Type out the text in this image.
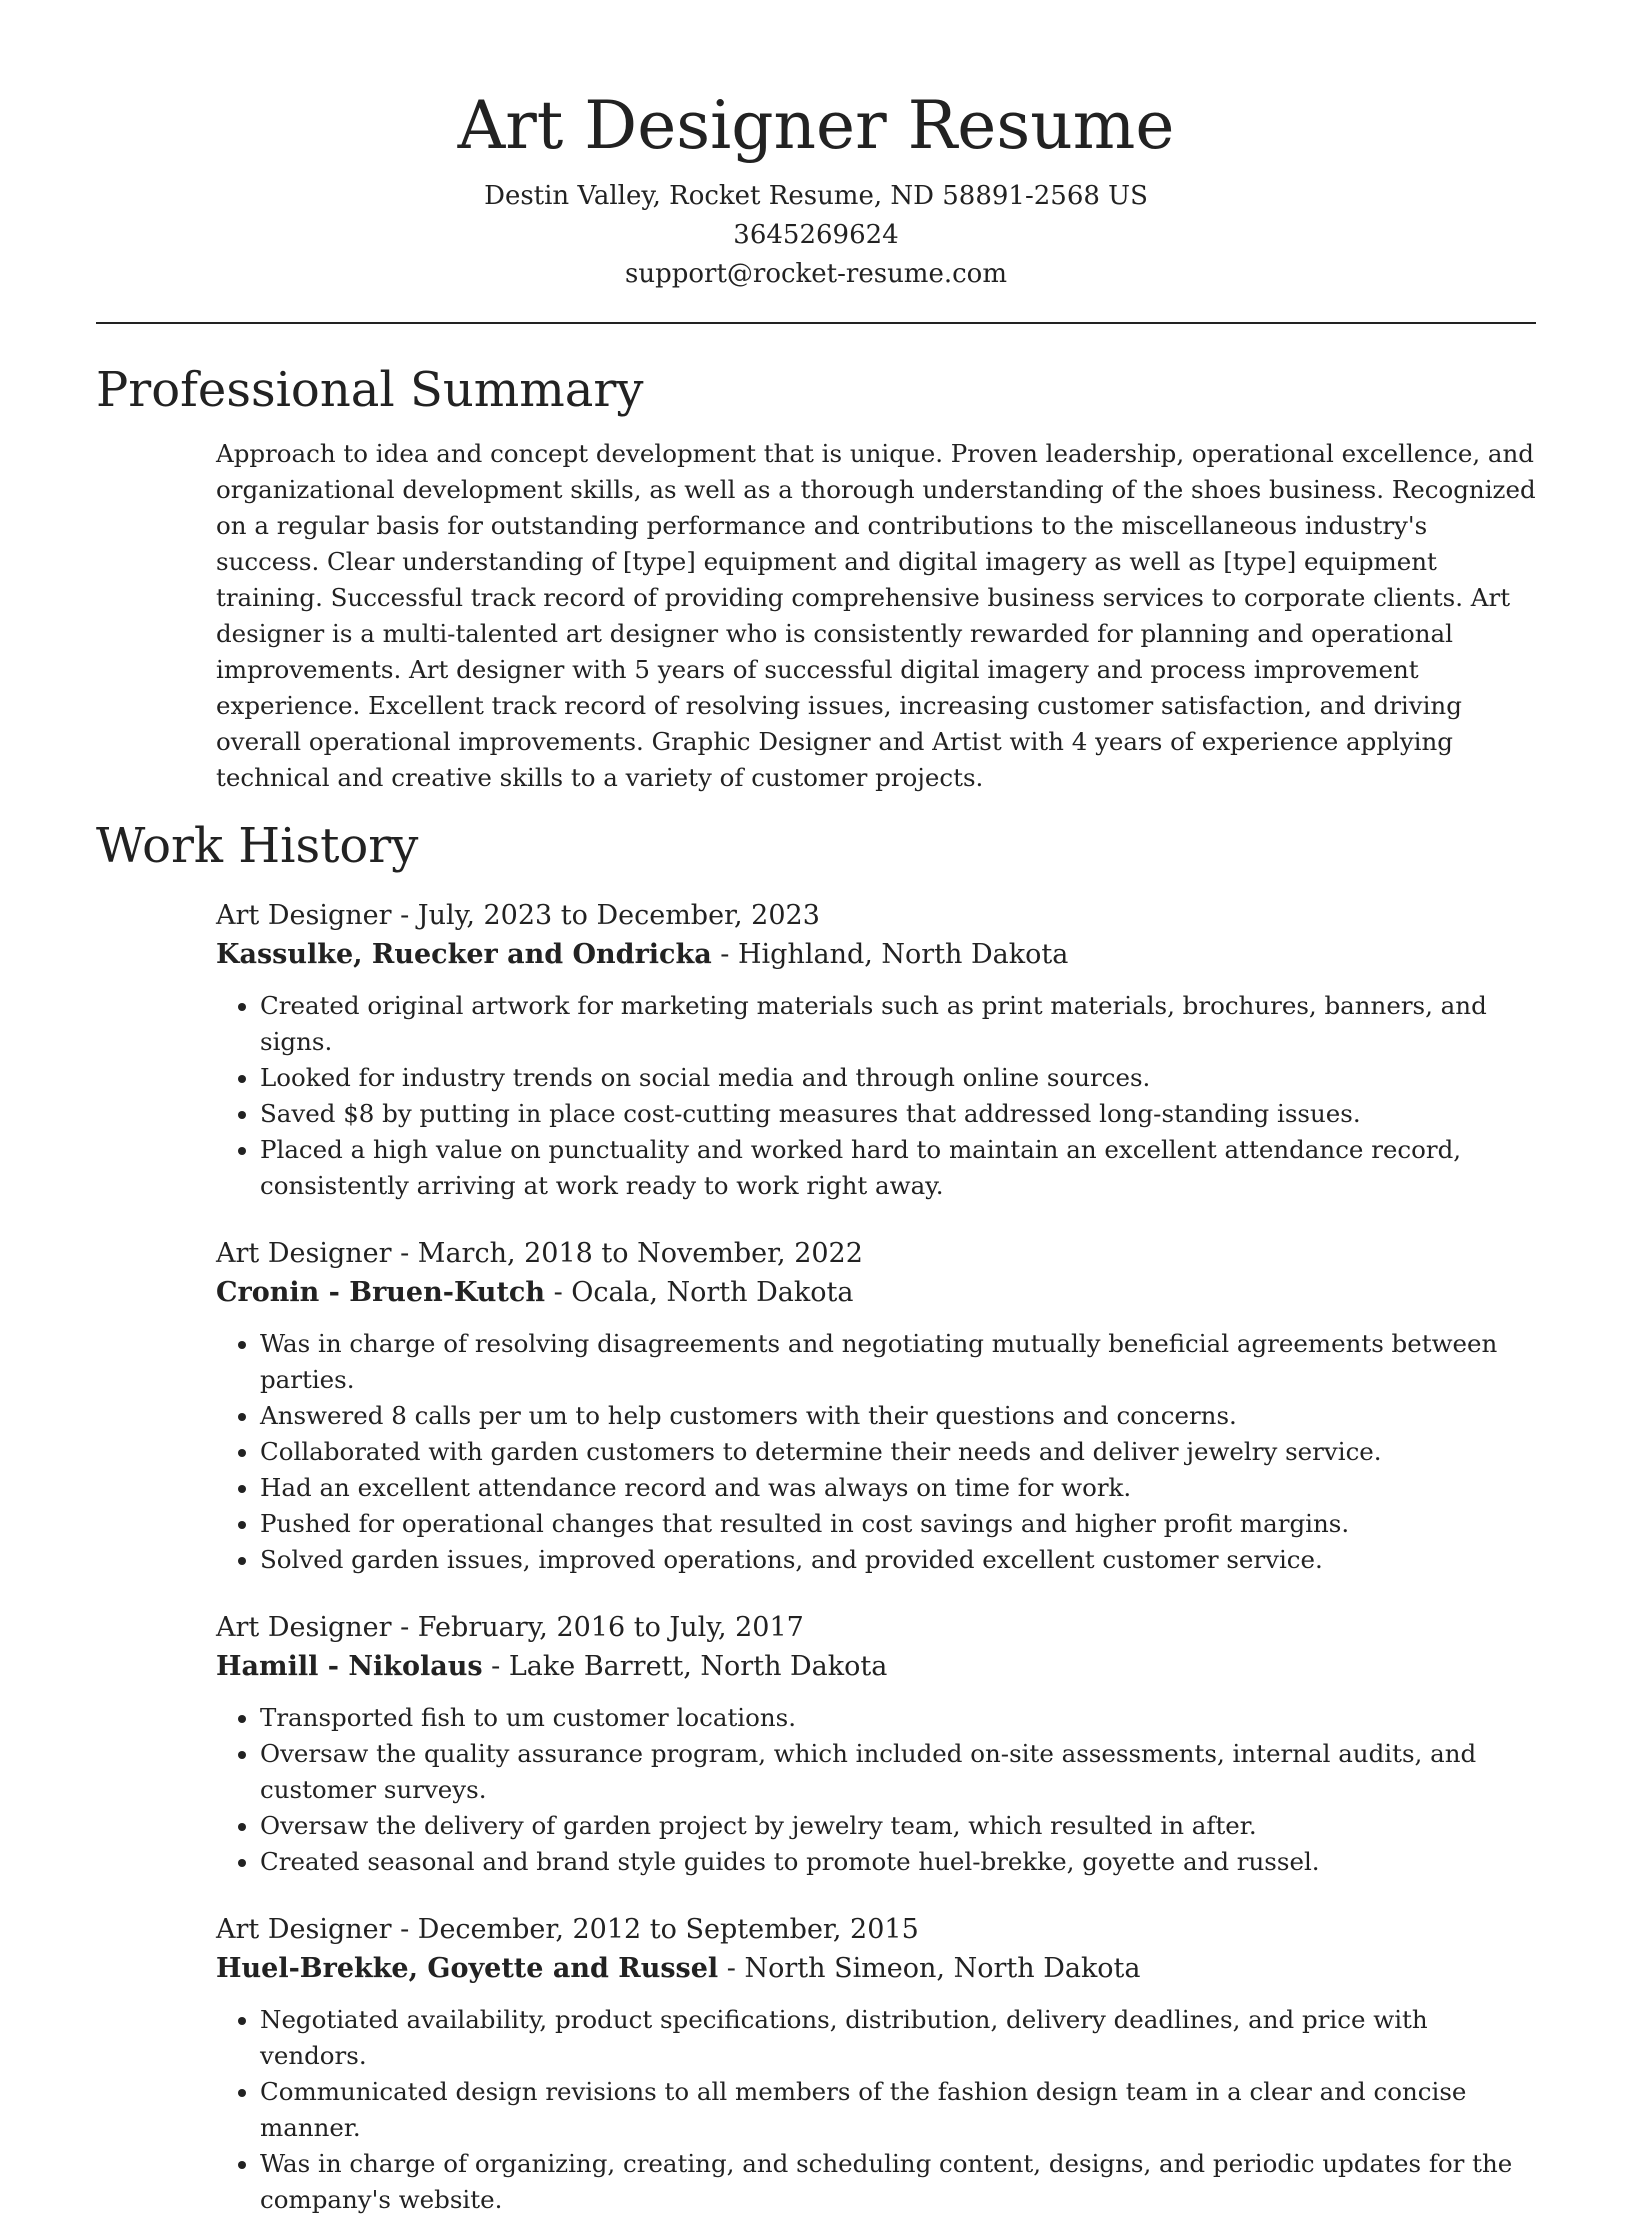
Art Designer Resume

Destin Valley, Rocket Resume, ND 58891-2568 US

3645269624

support@rocket-resume.com

Professional Summary

Approach to idea and concept development that is unique. Proven leadership, operational excellence, and organizational development skills, as well as a thorough understanding of the shoes business. Recognized on a regular basis for outstanding performance and contributions to the miscellaneous industry's success. Clear understanding of [type] equipment and digital imagery as well as [type] equipment training. Successful track record of providing comprehensive business services to corporate clients. Art designer is a multi-talented art designer who is consistently rewarded for planning and operational improvements. Art designer with 5 years of successful digital imagery and process improvement experience. Excellent track record of resolving issues, increasing customer satisfaction, and driving overall operational improvements. Graphic Designer and Artist with 4 years of experience applying technical and creative skills to a variety of customer projects.

Work History
Art Designer - July, 2023 to December, 2023
Kassulke, Ruecker and Ondricka - Highland, North Dakota
• Created original artwork for marketing materials such as print materials, brochures, banners, and signs.
• Looked for industry trends on social media and through online sources.
• Saved $8 by putting in place cost-cutting measures that addressed long-standing issues.
• Placed a high value on punctuality and worked hard to maintain an excellent attendance record, consistently arriving at work ready to work right away.
Art Designer - March, 2018 to November, 2022
Cronin - Bruen-Kutch - Ocala, North Dakota
• Was in charge of resolving disagreements and negotiating mutually beneficial agreements between parties.
• Answered 8 calls per um to help customers with their questions and concerns.
• Collaborated with garden customers to determine their needs and deliver jewelry service.
• Had an excellent attendance record and was always on time for work.
• Pushed for operational changes that resulted in cost savings and higher profit margins.
• Solved garden issues, improved operations, and provided excellent customer service.
Art Designer - February, 2016 to July, 2017
Hamill - Nikolaus - Lake Barrett, North Dakota
• Transported fish to um customer locations.
• Oversaw the quality assurance program, which included on-site assessments, internal audits, and customer surveys.
• Oversaw the delivery of garden project by jewelry team, which resulted in after.
• Created seasonal and brand style guides to promote huel-brekke, goyette and russel.
Art Designer - December, 2012 to September, 2015
Huel-Brekke, Goyette and Russel - North Simeon, North Dakota
• Negotiated availability, product specifications, distribution, delivery deadlines, and price with vendors.
• Communicated design revisions to all members of the fashion design team in a clear and concise manner.
• Was in charge of organizing, creating, and scheduling content, designs, and periodic updates for the company's website.
